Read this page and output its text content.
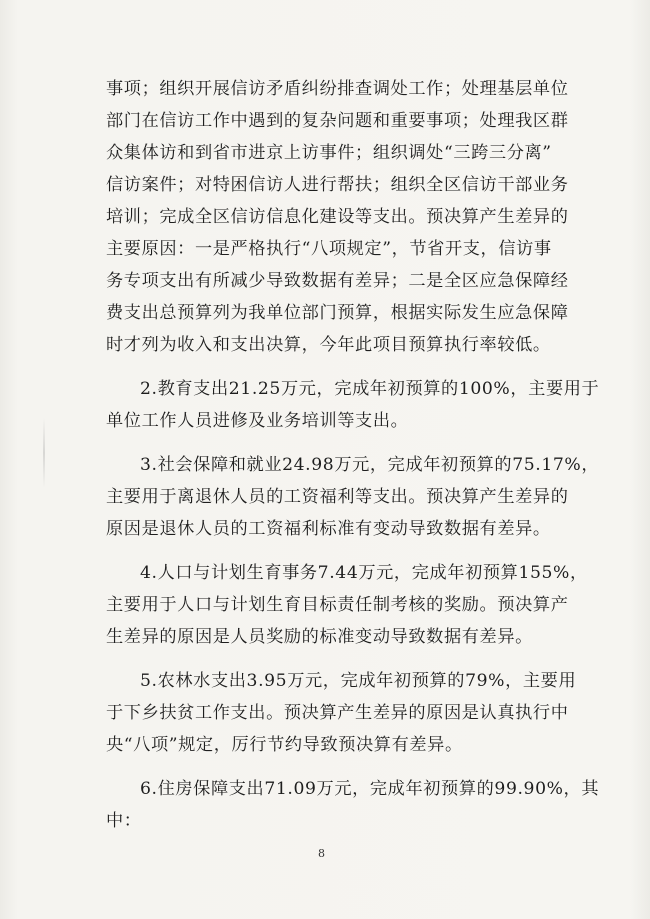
事项；组织开展信访矛盾纠纷排查调处工作；处理基层单位
部门在信访工作中遇到的复杂问题和重要事项；处理我区群
众集体访和到省市进京上访事件；组织调处“三跨三分离”
信访案件；对特困信访人进行帮扶；组织全区信访干部业务
培训；完成全区信访信息化建设等支出。预决算产生差异的
主要原因：一是严格执行“八项规定”，节省开支，信访事
务专项支出有所减少导致数据有差异；二是全区应急保障经
费支出总预算列为我单位部门预算，根据实际发生应急保障
时才列为收入和支出决算，今年此项目预算执行率较低。
2.教育支出21.25万元，完成年初预算的100%，主要用于
单位工作人员进修及业务培训等支出。
3.社会保障和就业24.98万元，完成年初预算的75.17%，
主要用于离退休人员的工资福利等支出。预决算产生差异的
原因是退休人员的工资福利标准有变动导致数据有差异。
4.人口与计划生育事务7.44万元，完成年初预算155%，
主要用于人口与计划生育目标责任制考核的奖励。预决算产
生差异的原因是人员奖励的标准变动导致数据有差异。
5.农林水支出3.95万元，完成年初预算的79%，主要用
于下乡扶贫工作支出。预决算产生差异的原因是认真执行中
央“八项”规定，厉行节约导致预决算有差异。
6.住房保障支出71.09万元，完成年初预算的99.90%，其
中：
8
